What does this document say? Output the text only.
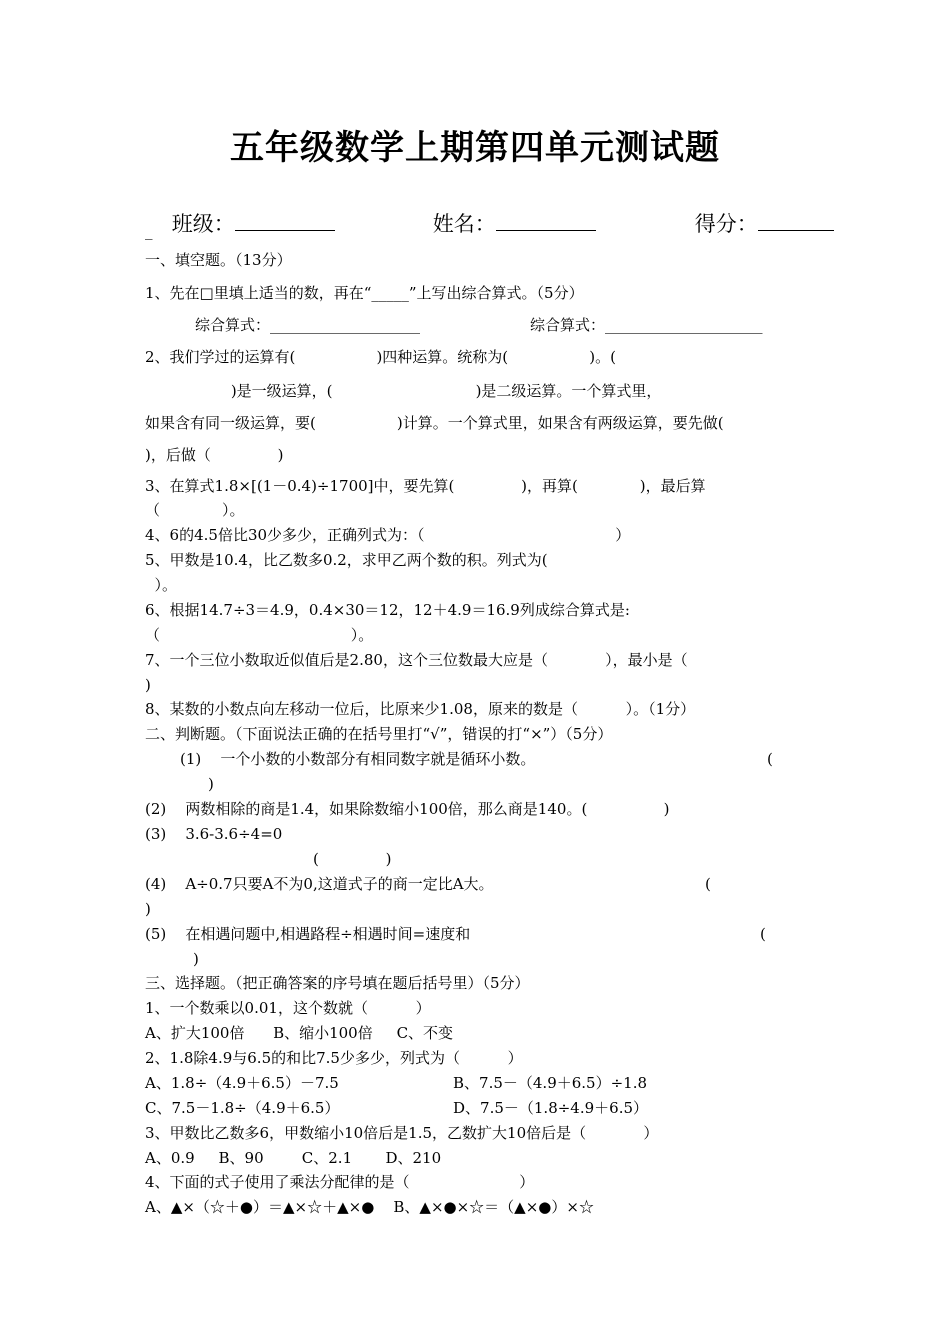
五年级数学上期第四单元测试题

班级：
	姓名：
	得分：

_
一、填空题。（13分）
1、先在□里填上适当的数，再在“_____”上写出综合算式。（5分）
综合算式：____________________	综合算式：_____________________
2、我们学过的运算有(                 )四种运算。统称为(                 )。(
)是一级运算，(                              )是二级运算。一个算式里，
如果含有同一级运算，要(                 )计算。一个算式里，如果含有两级运算，要先做(
)，后做（              )
3、在算式1.8×[(1－0.4)÷1700]中，要先算(              )，再算(             )，最后算
（             ）。
4、6的4.5倍比30少多少，正确列式为：（                                        ）
5、甲数是10.4，比乙数多0.2，求甲乙两个数的积。列式为(
）。
6、根据14.7÷3＝4.9，0.4×30＝12，12＋4.9＝16.9列成综合算式是:
（                                        ）。
7、一个三位小数取近似值后是2.80，这个三位数最大应是（            ），最小是（
)
8、某数的小数点向左移动一位后，比原来少1.08，原来的数是（          ）。（1分）
二、判断题。（下面说法正确的在括号里打“√”，错误的打“×”）（5分）
(1)    一个小数的小数部分有相同数字就是循环小数。	(
)
(2)    两数相除的商是1.4，如果除数缩小100倍，那么商是140。(                )
(3)    3.6-3.6÷4=0
(              )
(4)    A÷0.7只要A不为0,这道式子的商一定比A大。	(
)
(5)    在相遇问题中,相遇路程÷相遇时间=速度和	(
)
三、选择题。（把正确答案的序号填在题后括号里）（5分）
1、一个数乘以0.01，这个数就（          ）
A、扩大100倍      B、缩小100倍     C、不变
2、1.8除4.9与6.5的和比7.5少多少，列式为（          ）
A、1.8÷（4.9＋6.5）－7.5	B、7.5－（4.9＋6.5）÷1.8
C、7.5－1.8÷（4.9＋6.5）	D、7.5－（1.8÷4.9＋6.5）
3、甲数比乙数多6，甲数缩小10倍后是1.5，乙数扩大10倍后是（            ）
A、0.9     B、90        C、2.1       D、210
4、下面的式子使用了乘法分配律的是（                       ）
A、▲×（☆＋●）＝▲×☆＋▲×●    B、▲×●×☆＝（▲×●）×☆
